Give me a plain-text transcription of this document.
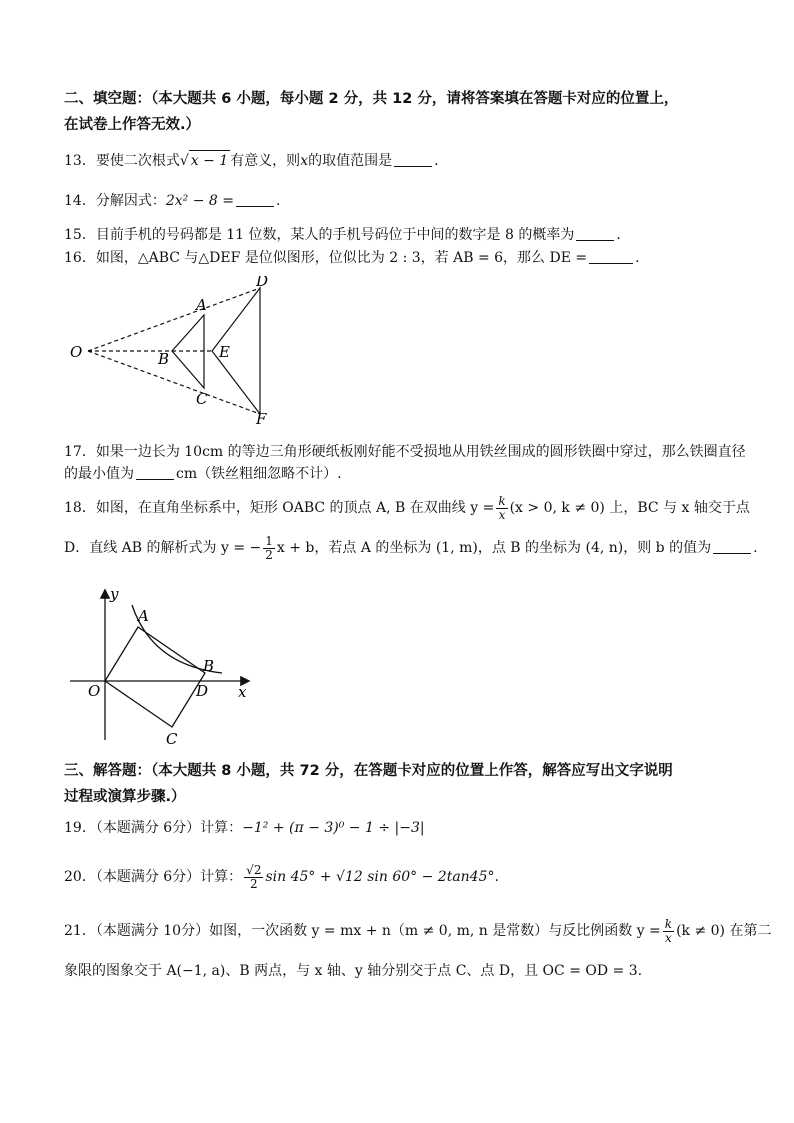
二、填空题：（本大题共 6 小题，每小题 2 分，共 12 分，请将答案填在答题卡对应的位置上，
在试卷上作答无效.）
13．要使二次根式√ x − 1 有意义，则x的取值范围是	.
14．分解因式：2x² − 8 =	.
15．目前手机的号码都是 11 位数，某人的手机号码位于中间的数字是 8 的概率为	.
16．如图，△ABC 与△DEF 是位似图形，位似比为 2 : 3，若 AB = 6，那么 DE =	.
O
A
B
C
D
E
F
17．如果一边长为 10cm 的等边三角形硬纸板刚好能不受损地从用铁丝围成的圆形铁圈中穿过，那么铁圈直径
的最小值为	cm（铁丝粗细忽略不计）.
18．如图，在直角坐标系中，矩形 OABC 的顶点 A, B 在双曲线 $y = \frac{k}{x} (x > 0$, k ≠ 0) 上，BC 与 x 轴交于点
D．直线 AB 的解析式为 y = − $\frac{1}{2}$ x + b，若点 A 的坐标为 (1, m)，点 B 的坐标为 (4, n)，则 b 的值为	.
y
x
O
A
B
C
D
三、解答题：（本大题共 8 小题，共 72 分，在答题卡对应的位置上作答，解答应写出文字说明
过程或演算步骤.）
19．（本题满分 6分）计算：−1² + (π − 3)⁰ − 1 ÷ |−3|
20．（本题满分 6分）计算： $\frac{√2}{2}$ sin 45° + √12 sin 60° − 2tan45°.
21．（本题满分 10分）如图，一次函数 y = mx + n（m ≠ 0, m, n 是常数）与反比例函数 $y = \frac{k}{x} (k \ne 0)$ 在第二
象限的图象交于 A(−1, a)、B 两点，与 x 轴、y 轴分别交于点 C、点 D，且 OC = OD = 3.
